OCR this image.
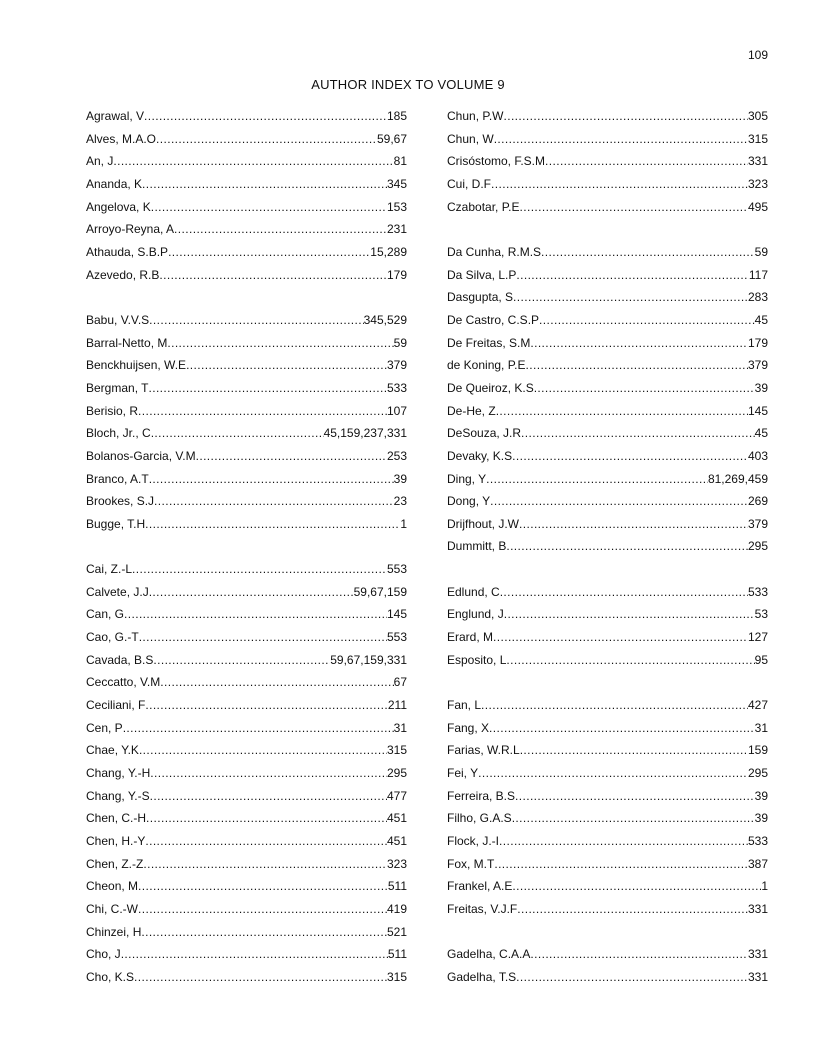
109
AUTHOR INDEX TO VOLUME 9
Agrawal, V .....	185
Alves, M.A.O .....	59,67
An, J .....	81
Ananda, K .....	345
Angelova, K .....	153
Arroyo-Reyna, A .....	231
Athauda, S.B.P .....	15,289
Azevedo, R.B .....	179
Babu, V.V.S .....	345,529
Barral-Netto, M .....	59
Benckhuijsen, W.E .....	379
Bergman, T .....	533
Berisio, R .....	107
Bloch, Jr., C .....	45,159,237,331
Bolanos-Garcia, V.M .....	253
Branco, A.T .....	39
Brookes, S.J .....	23
Bugge, T.H .....	1
Cai, Z.-L .....	553
Calvete, J.J .....	59,67,159
Can, G .....	145
Cao, G.-T .....	553
Cavada, B.S .....	59,67,159,331
Ceccatto, V.M .....	67
Ceciliani, F .....	211
Cen, P .....	31
Chae, Y.K .....	315
Chang, Y.-H .....	295
Chang, Y.-S .....	477
Chen, C.-H .....	451
Chen, H.-Y .....	451
Chen, Z.-Z .....	323
Cheon, M .....	511
Chi, C.-W .....	419
Chinzei, H .....	521
Cho, J .....	511
Cho, K.S .....	315
Chun, P.W .....	305
Chun, W .....	315
Crisóstomo, F.S.M .....	331
Cui, D.F .....	323
Czabotar, P.E .....	495
Da Cunha, R.M.S .....	59
Da Silva, L.P .....	117
Dasgupta, S .....	283
De Castro, C.S.P .....	45
De Freitas, S.M .....	179
de Koning, P.E .....	379
De Queiroz, K.S .....	39
De-He, Z .....	145
DeSouza, J.R .....	45
Devaky, K.S .....	403
Ding, Y .....	81,269,459
Dong, Y .....	269
Drijfhout, J.W .....	379
Dummitt, B .....	295
Edlund, C .....	533
Englund, J .....	53
Erard, M .....	127
Esposito, L .....	95
Fan, L .....	427
Fang, X .....	31
Farias, W.R.L .....	159
Fei, Y .....	295
Ferreira, B.S .....	39
Filho, G.A.S .....	39
Flock, J.-I .....	533
Fox, M.T .....	387
Frankel, A.E .....	1
Freitas, V.J.F .....	331
Gadelha, C.A.A .....	331
Gadelha, T.S .....	331
